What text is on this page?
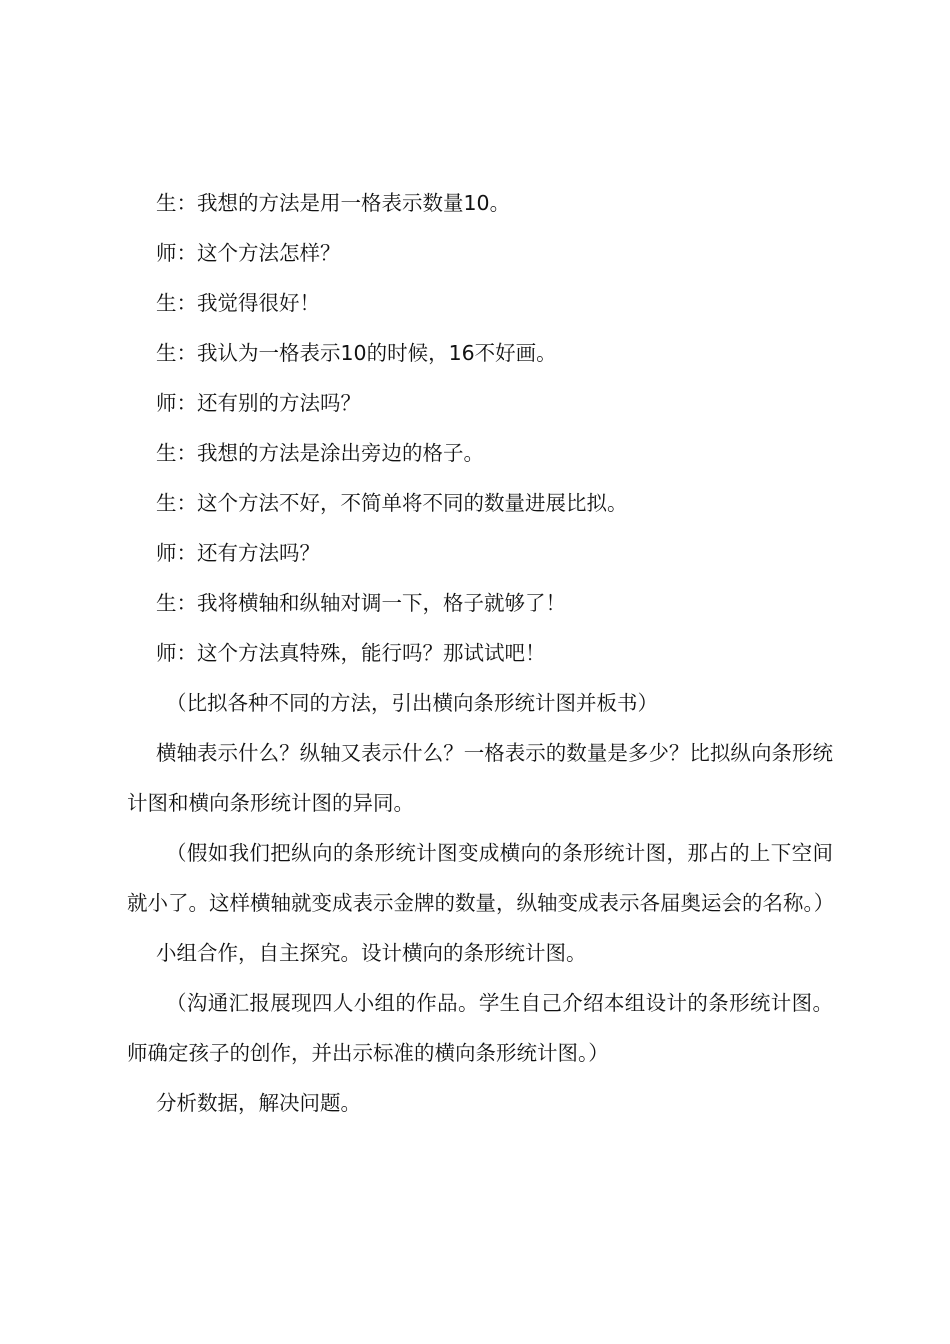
生：我想的方法是用一格表示数量10。

师：这个方法怎样？

生：我觉得很好！

生：我认为一格表示10的时候，16不好画。

师：还有别的方法吗？

生：我想的方法是涂出旁边的格子。

生：这个方法不好，不简单将不同的数量进展比拟。

师：还有方法吗？

生：我将横轴和纵轴对调一下，格子就够了！

师：这个方法真特殊，能行吗？那试试吧！

（比拟各种不同的方法，引出横向条形统计图并板书）

横轴表示什么？纵轴又表示什么？一格表示的数量是多少？比拟纵向条形统计图和横向条形统计图的异同。

（假如我们把纵向的条形统计图变成横向的条形统计图，那占的上下空间就小了。这样横轴就变成表示金牌的数量，纵轴变成表示各届奥运会的名称。）

小组合作，自主探究。设计横向的条形统计图。

（沟通汇报展现四人小组的作品。学生自己介绍本组设计的条形统计图。师确定孩子的创作，并出示标准的横向条形统计图。）

分析数据，解决问题。
